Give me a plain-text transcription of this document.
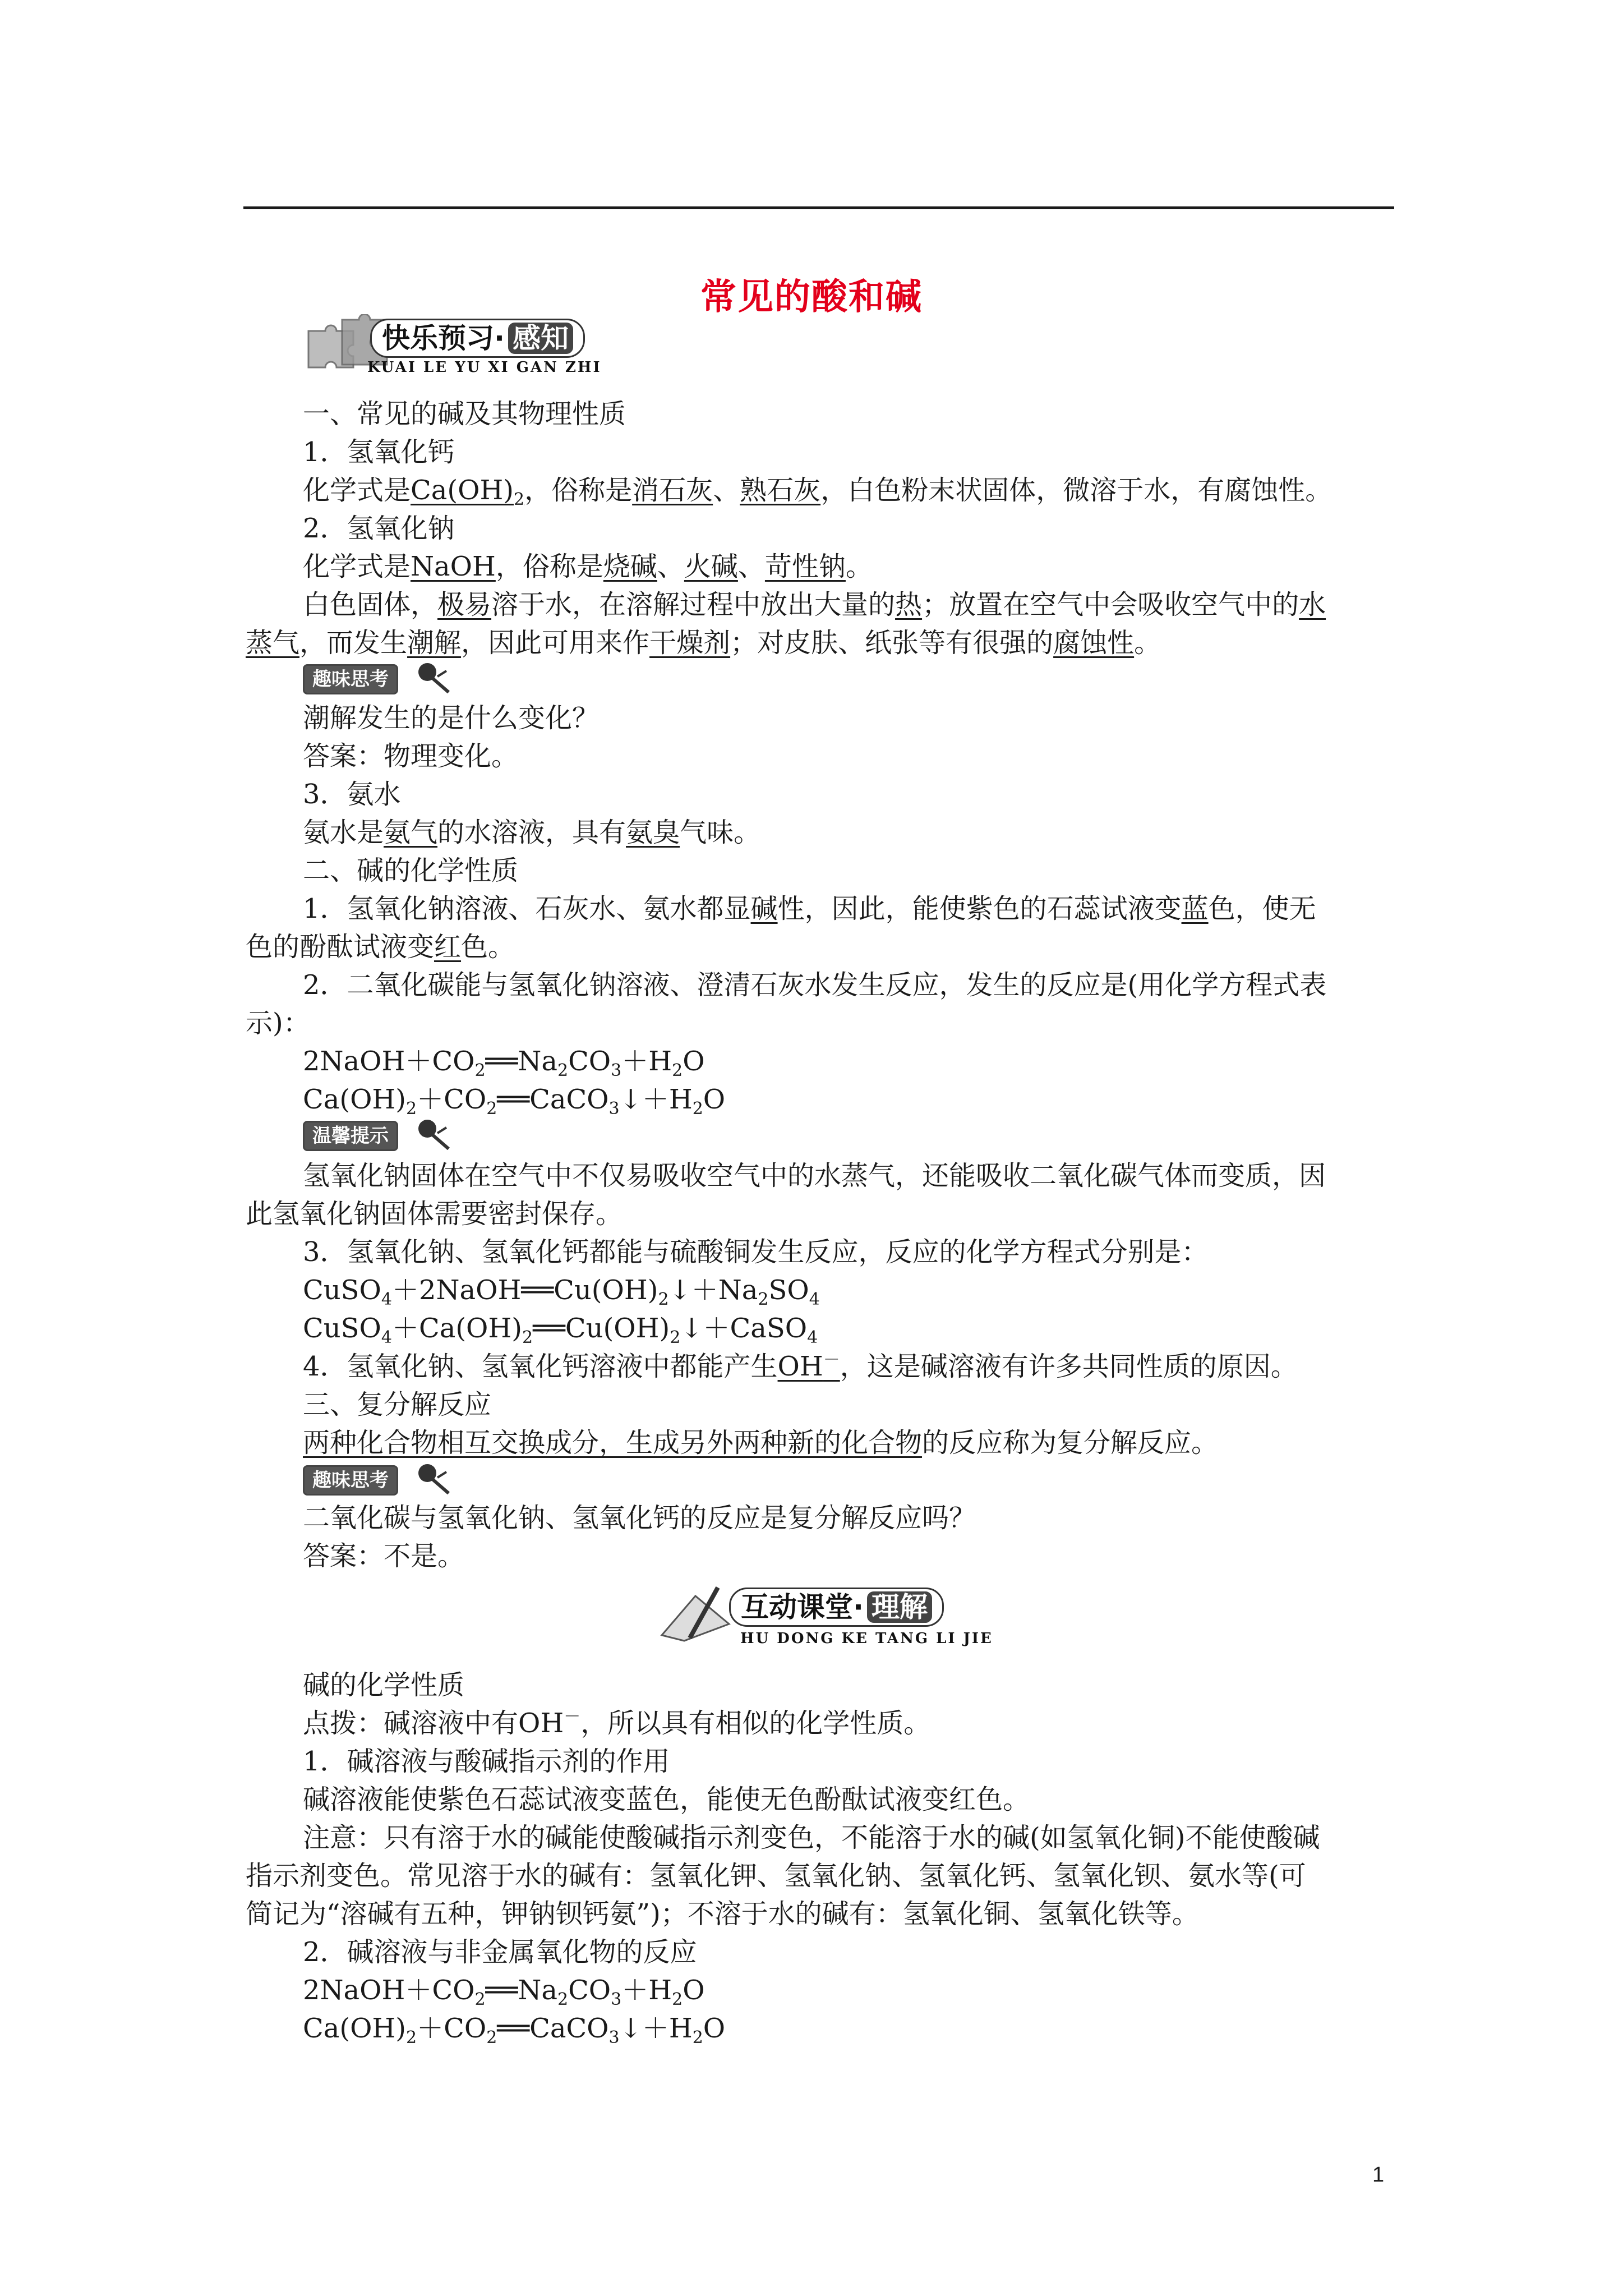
常见的酸和碱
快乐预习· 感知
KUAI LE YU XI GAN ZHI
一、常见的碱及其物理性质
1．氢氧化钙
化学式是$Ca(OH)_2$，俗称是消石灰、熟石灰，白色粉末状固体，微溶于水，有腐蚀性。
2．氢氧化钠
化学式是NaOH，俗称是烧碱、火碱、苛性钠。
白色固体，极易溶于水，在溶解过程中放出大量的热；放置在空气中会吸收空气中的水
蒸气，而发生潮解，因此可用来作干燥剂；对皮肤、纸张等有很强的腐蚀性。
趣味思考
潮解发生的是什么变化？
答案：物理变化。
3．氨水
氨水是氨气的水溶液，具有氨臭气味。
二、碱的化学性质
1．氢氧化钠溶液、石灰水、氨水都显碱性，因此，能使紫色的石蕊试液变蓝色，使无
色的酚酞试液变红色。
2．二氧化碳能与氢氧化钠溶液、澄清石灰水发生反应，发生的反应是(用化学方程式表
示)：
$2NaOH+CO_2══Na_2CO_3+H_2O$
$Ca(OH)_2+CO_2══CaCO_3↓+H_2O$
温馨提示
氢氧化钠固体在空气中不仅易吸收空气中的水蒸气，还能吸收二氧化碳气体而变质，因
此氢氧化钠固体需要密封保存。
3．氢氧化钠、氢氧化钙都能与硫酸铜发生反应，反应的化学方程式分别是：
$CuSO_4+2NaOH══Cu(OH)_2↓+Na_2SO_4$
$CuSO_4+Ca(OH)_2══Cu(OH)_2↓+CaSO_4$
4．氢氧化钠、氢氧化钙溶液中都能产生OH－，这是碱溶液有许多共同性质的原因。
三、复分解反应
两种化合物相互交换成分，生成另外两种新的化合物的反应称为复分解反应。
趣味思考
二氧化碳与氢氧化钠、氢氧化钙的反应是复分解反应吗？
答案：不是。
互动课堂· 理解
HU DONG KE TANG LI JIE
碱的化学性质
点拨：碱溶液中有OH－，所以具有相似的化学性质。
1．碱溶液与酸碱指示剂的作用
碱溶液能使紫色石蕊试液变蓝色，能使无色酚酞试液变红色。
注意：只有溶于水的碱能使酸碱指示剂变色，不能溶于水的碱(如氢氧化铜)不能使酸碱
指示剂变色。常见溶于水的碱有：氢氧化钾、氢氧化钠、氢氧化钙、氢氧化钡、氨水等(可
简记为“溶碱有五种，钾钠钡钙氨”)；不溶于水的碱有：氢氧化铜、氢氧化铁等。
2．碱溶液与非金属氧化物的反应
$2NaOH+CO_2══Na_2CO_3+H_2O$
$Ca(OH)_2+CO_2══CaCO_3↓+H_2O$
1
